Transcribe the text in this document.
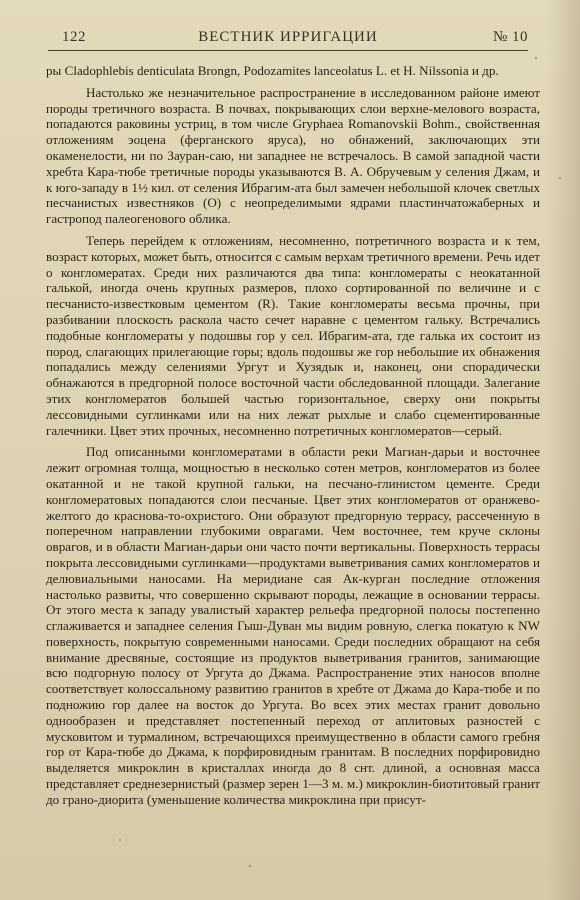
122	ВЕСТНИК ИРРИГАЦИИ	№ 10

ры Cladophlebis denticulata Brongn, Podozamites lanceolatus L. et H. Nilssonia и др.

Настолько же незначительное распространение в исследованном районе имеют породы третичного возраста. В почвах, покрывающих слои верхне-мелового возраста, попадаются раковины устриц, в том числе Gryphaea Romanovskii Bohm., свойственная отложениям эоцена (ферганского яруса), но обнажений, заключающих эти окаменелости, ни по Зауран-саю, ни западнее не встречалось. В самой западной части хребта Кара-тюбе третичные породы указываются В. А. Обручевым у селения Джам, и к юго-западу в 1½ кил. от селения Ибрагим-ата был замечен небольшой клочек светлых песчанистых известняков (О) с неопределимыми ядрами пластинчатожаберных и гастропод палеогенового облика.

Теперь перейдем к отложениям, несомненно, потретичного возраста и к тем, возраст которых, может быть, относится с самым верхам третичного времени. Речь идет о конгломератах. Среди них различаются два типа: конгломераты с неокатанной галькой, иногда очень крупных размеров, плохо сортированной по величине и с песчанисто-известковым цементом (R). Такие конгломераты весьма прочны, при разбивании плоскость раскола часто сечет наравне с цементом гальку. Встречались подобные конгломераты у подошвы гор у сел. Ибрагим-ата, где галька их состоит из пород, слагающих прилегающие горы; вдоль подошвы же гор небольшие их обнажения попадались между селениями Ургут и Хузядык и, наконец, они спорадически обнажаются в предгорной полосе восточной части обследованной площади. Залегание этих конгломератов большей частью горизонтальное, сверху они покрыты лессовидными суглинками или на них лежат рыхлые и слабо сцементированные галечники. Цвет этих прочных, несомненно потретичных конгломератов—серый.

Под описанными конгломератами в области реки Магиан-дарьи и восточнее лежит огромная толща, мощностью в несколько сотен метров, конгломератов из более окатанной и не такой крупной гальки, на песчано-глинистом цементе. Среди конгломератовых попадаются слои песчаные. Цвет этих конгломератов от оранжево-желтого до краснова-то-охристого. Они образуют предгорную террасу, рассеченную в поперечном направлении глубокими оврагами. Чем восточнее, тем круче склоны оврагов, и в области Магиан-дарьи они часто почти вертикальны. Поверхность террасы покрыта лессовидными суглинками—продуктами выветривания самих конгломератов и делювиальными наносами. На меридиане сая Ак-курган последние отложения настолько развиты, что совершенно скрывают породы, лежащие в основании террасы. От этого места к западу увалистый характер рельефа предгорной полосы постепенно сглаживается и западнее селения Гыш-Дуван мы видим ровную, слегка покатую к NW поверхность, покрытую современными наносами. Среди последних обращают на себя внимание дресвяные, состоящие из продуктов выветривания гранитов, занимающие всю подгорную полосу от Ургута до Джама. Распространение этих наносов вполне соответствует колоссальному развитию гранитов в хребте от Джама до Кара-тюбе и по подножию гор далее на восток до Ургута. Во всех этих местах гранит довольно однообразен и представляет постепенный переход от аплитовых разностей с мусковитом и турмалином, встречающихся преимущественно в области самого гребня гор от Кара-тюбе до Джама, к порфировидным гранитам. В последних порфировидно выделяется микроклин в кристаллах иногда до 8 снт. длиной, а основная масса представляет среднезернистый (размер зерен 1—3 м. м.) микроклин-биотитовый гранит до грано-диорита (уменьшение количества микроклина при присут-
